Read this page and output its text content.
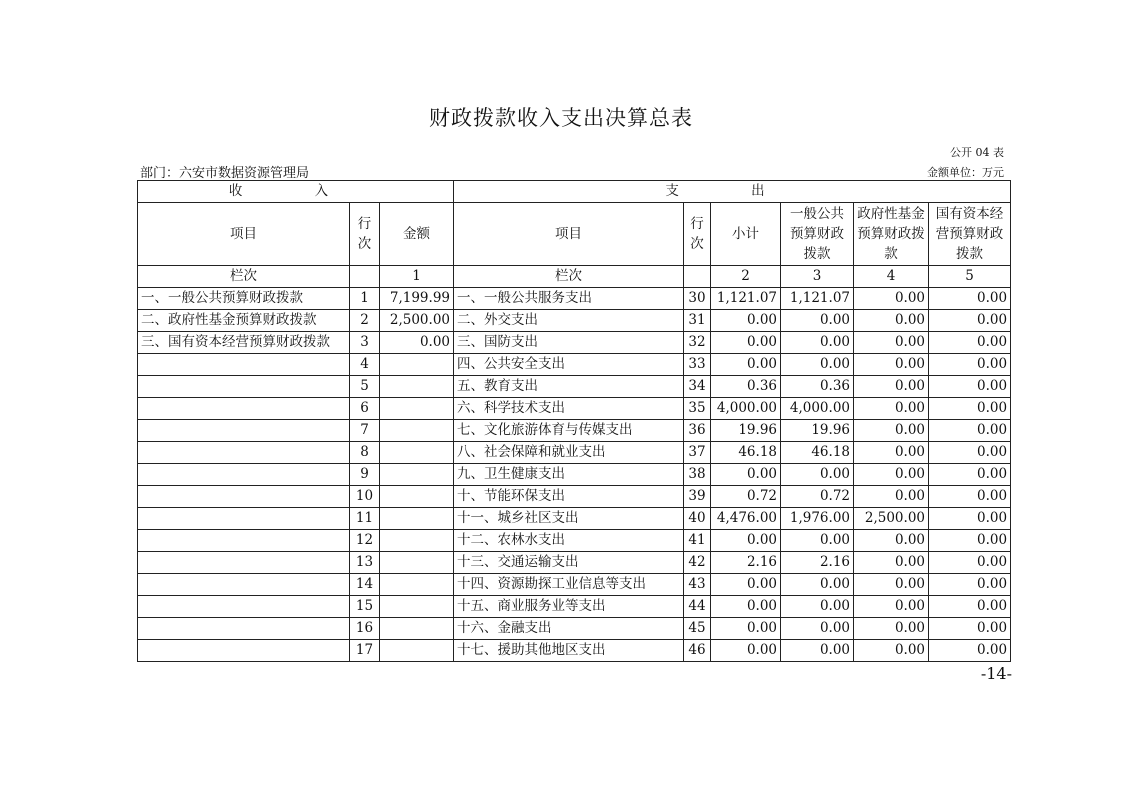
财政拨款收入支出决算总表
公开 04 表
部门：六安市数据资源管理局	金额单位：万元
收 入			支 出					
项目	行次	金额	项目	行次	小计	一般公共预算财政拨款	政府性基金预算财政拨款	国有资本经营预算财政拨款
栏次		1	栏次		2	3	4	5
一、一般公共预算财政拨款	1	7,199.99	一、一般公共服务支出	30	1,121.07	1,121.07	0.00	0.00
二、政府性基金预算财政拨款	2	2,500.00	二、外交支出	31	0.00	0.00	0.00	0.00
三、国有资本经营预算财政拨款	3	0.00	三、国防支出	32	0.00	0.00	0.00	0.00
	4		四、公共安全支出	33	0.00	0.00	0.00	0.00
	5		五、教育支出	34	0.36	0.36	0.00	0.00
	6		六、科学技术支出	35	4,000.00	4,000.00	0.00	0.00
	7		七、文化旅游体育与传媒支出	36	19.96	19.96	0.00	0.00
	8		八、社会保障和就业支出	37	46.18	46.18	0.00	0.00
	9		九、卫生健康支出	38	0.00	0.00	0.00	0.00
	10		十、节能环保支出	39	0.72	0.72	0.00	0.00
	11		十一、城乡社区支出	40	4,476.00	1,976.00	2,500.00	0.00
	12		十二、农林水支出	41	0.00	0.00	0.00	0.00
	13		十三、交通运输支出	42	2.16	2.16	0.00	0.00
	14		十四、资源勘探工业信息等支出	43	0.00	0.00	0.00	0.00
	15		十五、商业服务业等支出	44	0.00	0.00	0.00	0.00
	16		十六、金融支出	45	0.00	0.00	0.00	0.00
	17		十七、援助其他地区支出	46	0.00	0.00	0.00	0.00
-14-
